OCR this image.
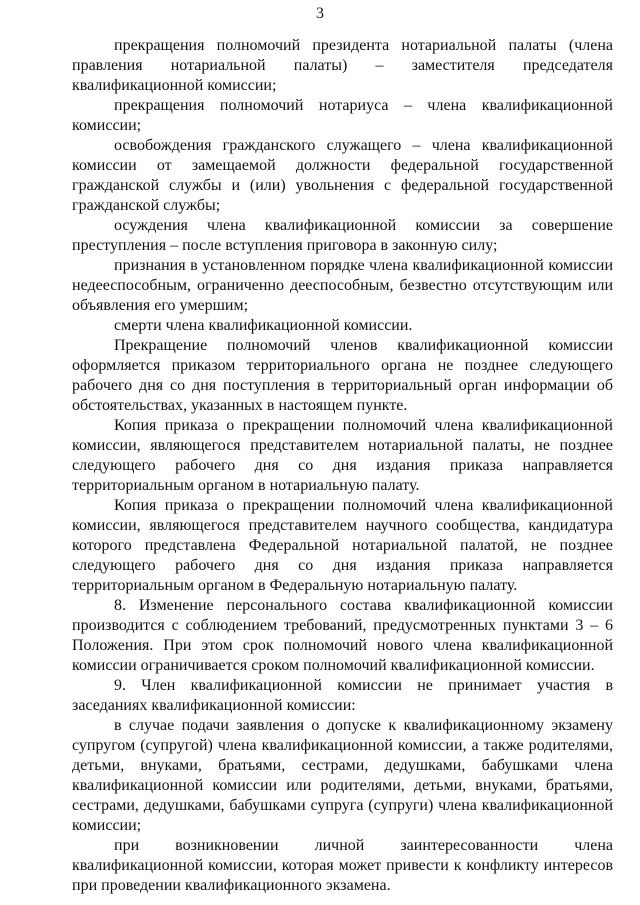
3

прекращения полномочий президента нотариальной палаты (члена правления нотариальной палаты) – заместителя председателя квалификационной комиссии;

прекращения полномочий нотариуса – члена квалификационной комиссии;

освобождения гражданского служащего – члена квалификационной комиссии от замещаемой должности федеральной государственной гражданской службы и (или) увольнения с федеральной государственной гражданской службы;

осуждения члена квалификационной комиссии за совершение преступления – после вступления приговора в законную силу;

признания в установленном порядке члена квалификационной комиссии недееспособным, ограниченно дееспособным, безвестно отсутствующим или объявления его умершим;

смерти члена квалификационной комиссии.

Прекращение полномочий членов квалификационной комиссии оформляется приказом территориального органа не позднее следующего рабочего дня со дня поступления в территориальный орган информации об обстоятельствах, указанных в настоящем пункте.

Копия приказа о прекращении полномочий члена квалификационной комиссии, являющегося представителем нотариальной палаты, не позднее следующего рабочего дня со дня издания приказа направляется территориальным органом в нотариальную палату.

Копия приказа о прекращении полномочий члена квалификационной комиссии, являющегося представителем научного сообщества, кандидатура которого представлена Федеральной нотариальной палатой, не позднее следующего рабочего дня со дня издания приказа направляется территориальным органом в Федеральную нотариальную палату.

8. Изменение персонального состава квалификационной комиссии производится с соблюдением требований, предусмотренных пунктами 3 – 6 Положения. При этом срок полномочий нового члена квалификационной комиссии ограничивается сроком полномочий квалификационной комиссии.

9. Член квалификационной комиссии не принимает участия в заседаниях квалификационной комиссии:

в случае подачи заявления о допуске к квалификационному экзамену супругом (супругой) члена квалификационной комиссии, а также родителями, детьми, внуками, братьями, сестрами, дедушками, бабушками члена квалификационной комиссии или родителями, детьми, внуками, братьями, сестрами, дедушками, бабушками супруга (супруги) члена квалификационной комиссии;

при возникновении личной заинтересованности члена квалификационной комиссии, которая может привести к конфликту интересов при проведении квалификационного экзамена.
